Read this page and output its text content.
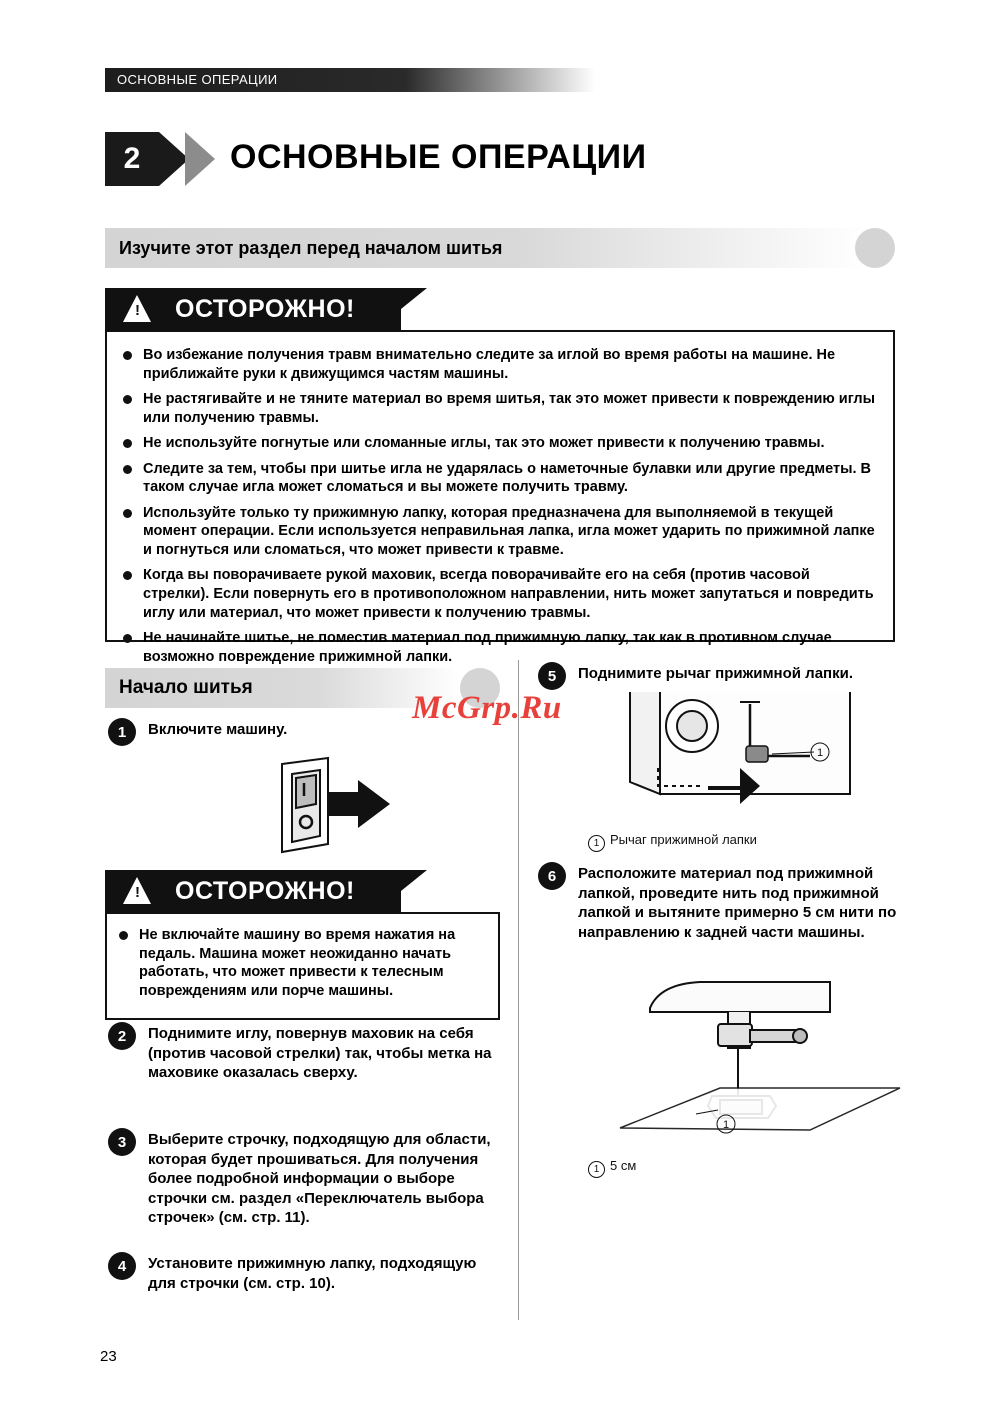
ОСНОВНЫЕ ОПЕРАЦИИ
2	ОСНОВНЫЕ ОПЕРАЦИИ
Изучите этот раздел перед началом шитья
! ОСТОРОЖНО!
Во избежание получения травм внимательно следите за иглой во время работы на машине. Не приближайте руки к движущимся частям машины.
Не растягивайте и не тяните материал во время шитья, так это может привести к повреждению иглы или получению травмы.
Не используйте погнутые или сломанные иглы, так это может привести к получению травмы.
Следите за тем, чтобы при шитье игла не ударялась о наметочные булавки или другие предметы. В таком случае игла может сломаться и вы можете получить травму.
Используйте только ту прижимную лапку, которая предназначена для выполняемой в текущей момент операции. Если используется неправильная лапка, игла может ударить по прижимной лапке и погнуться или сломаться, что может привести к травме.
Когда вы поворачиваете рукой маховик, всегда поворачивайте его на себя (против часовой стрелки). Если повернуть его в противоположном направлении, нить может запутаться и повредить иглу или материал, что может привести к получению травмы.
Не начинайте шитье, не поместив материал под прижимную лапку, так как в противном случае возможно повреждение прижимной лапки.
Начало шитья
McGrp.Ru
1	Включите машину.
! ОСТОРОЖНО!
Не включайте машину во время нажатия на педаль. Машина может неожиданно начать работать, что может привести к телесным повреждениям или порче машины.
2	Поднимите иглу, повернув маховик на себя (против часовой стрелки) так, чтобы метка на маховике оказалась сверху.
3	Выберите строчку, подходящую для области, которая будет прошиваться. Для получения более подробной информации о выборе строчки см. раздел «Переключатель выбора строчек» (см. стр. 11).
4	Установите прижимную лапку, подходящую для строчки (см. стр. 10).
5	Поднимите рычаг прижимной лапки.
1
1 Рычаг прижимной лапки
6	Расположите материал под прижимной лапкой, проведите нить под прижимной лапкой и вытяните примерно 5 см нити по направлению к задней части машины.
1
1 5 см
23
